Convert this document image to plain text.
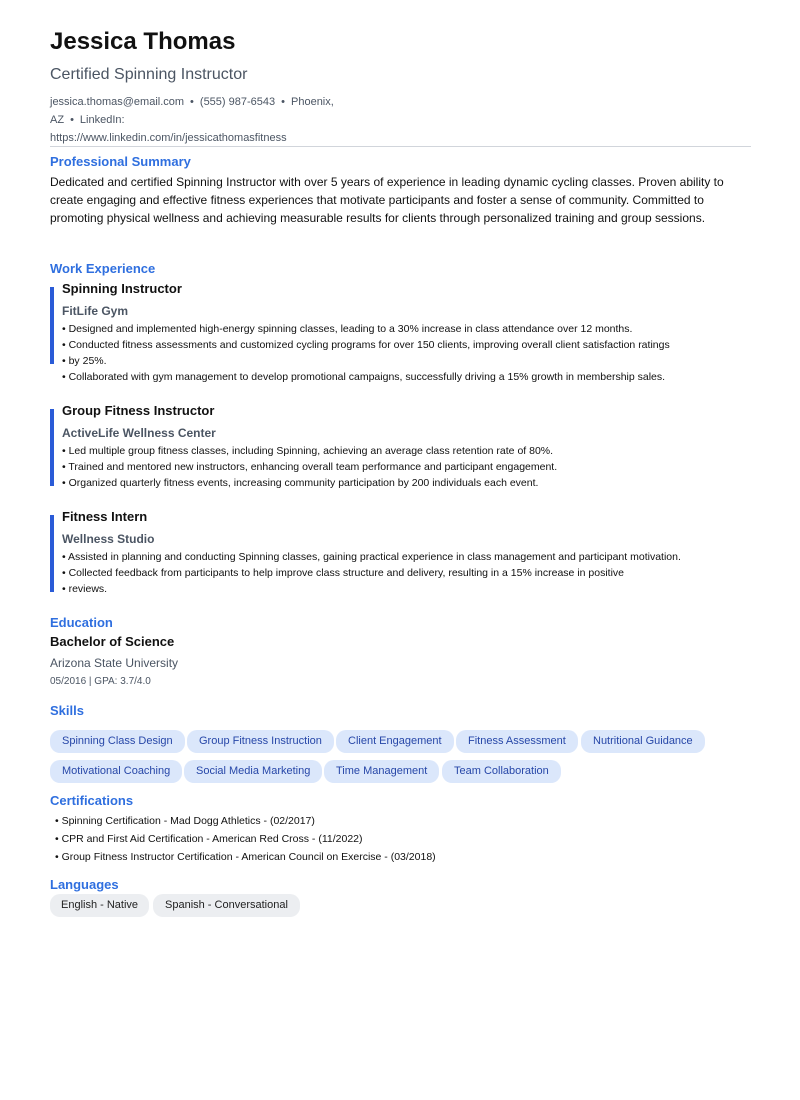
Jessica Thomas
Certified Spinning Instructor
jessica.thomas@email.com • (555) 987-6543 • Phoenix, AZ • LinkedIn:
https://www.linkedin.com/in/jessicathomasfitness
Professional Summary
Dedicated and certified Spinning Instructor with over 5 years of experience in leading dynamic cycling classes. Proven ability to create engaging and effective fitness experiences that motivate participants and foster a sense of community. Committed to promoting physical wellness and achieving measurable results for clients through personalized training and group sessions.
Work Experience
Spinning Instructor
FitLife Gym
• Designed and implemented high-energy spinning classes, leading to a 30% increase in class attendance over 12 months.
• Conducted fitness assessments and customized cycling programs for over 150 clients, improving overall client satisfaction ratings
• by 25%.
• Collaborated with gym management to develop promotional campaigns, successfully driving a 15% growth in membership sales.
Group Fitness Instructor
ActiveLife Wellness Center
• Led multiple group fitness classes, including Spinning, achieving an average class retention rate of 80%.
• Trained and mentored new instructors, enhancing overall team performance and participant engagement.
• Organized quarterly fitness events, increasing community participation by 200 individuals each event.
Fitness Intern
Wellness Studio
• Assisted in planning and conducting Spinning classes, gaining practical experience in class management and participant motivation.
• Collected feedback from participants to help improve class structure and delivery, resulting in a 15% increase in positive
• reviews.
Education
Bachelor of Science
Arizona State University
05/2016 | GPA: 3.7/4.0
Skills
Spinning Class Design	Group Fitness Instruction	Client Engagement	Fitness Assessment	Nutritional Guidance
Motivational Coaching	Social Media Marketing	Time Management	Team Collaboration
Certifications
• Spinning Certification - Mad Dogg Athletics - (02/2017)
• CPR and First Aid Certification - American Red Cross - (11/2022)
• Group Fitness Instructor Certification - American Council on Exercise - (03/2018)
Languages
English - Native	Spanish - Conversational
